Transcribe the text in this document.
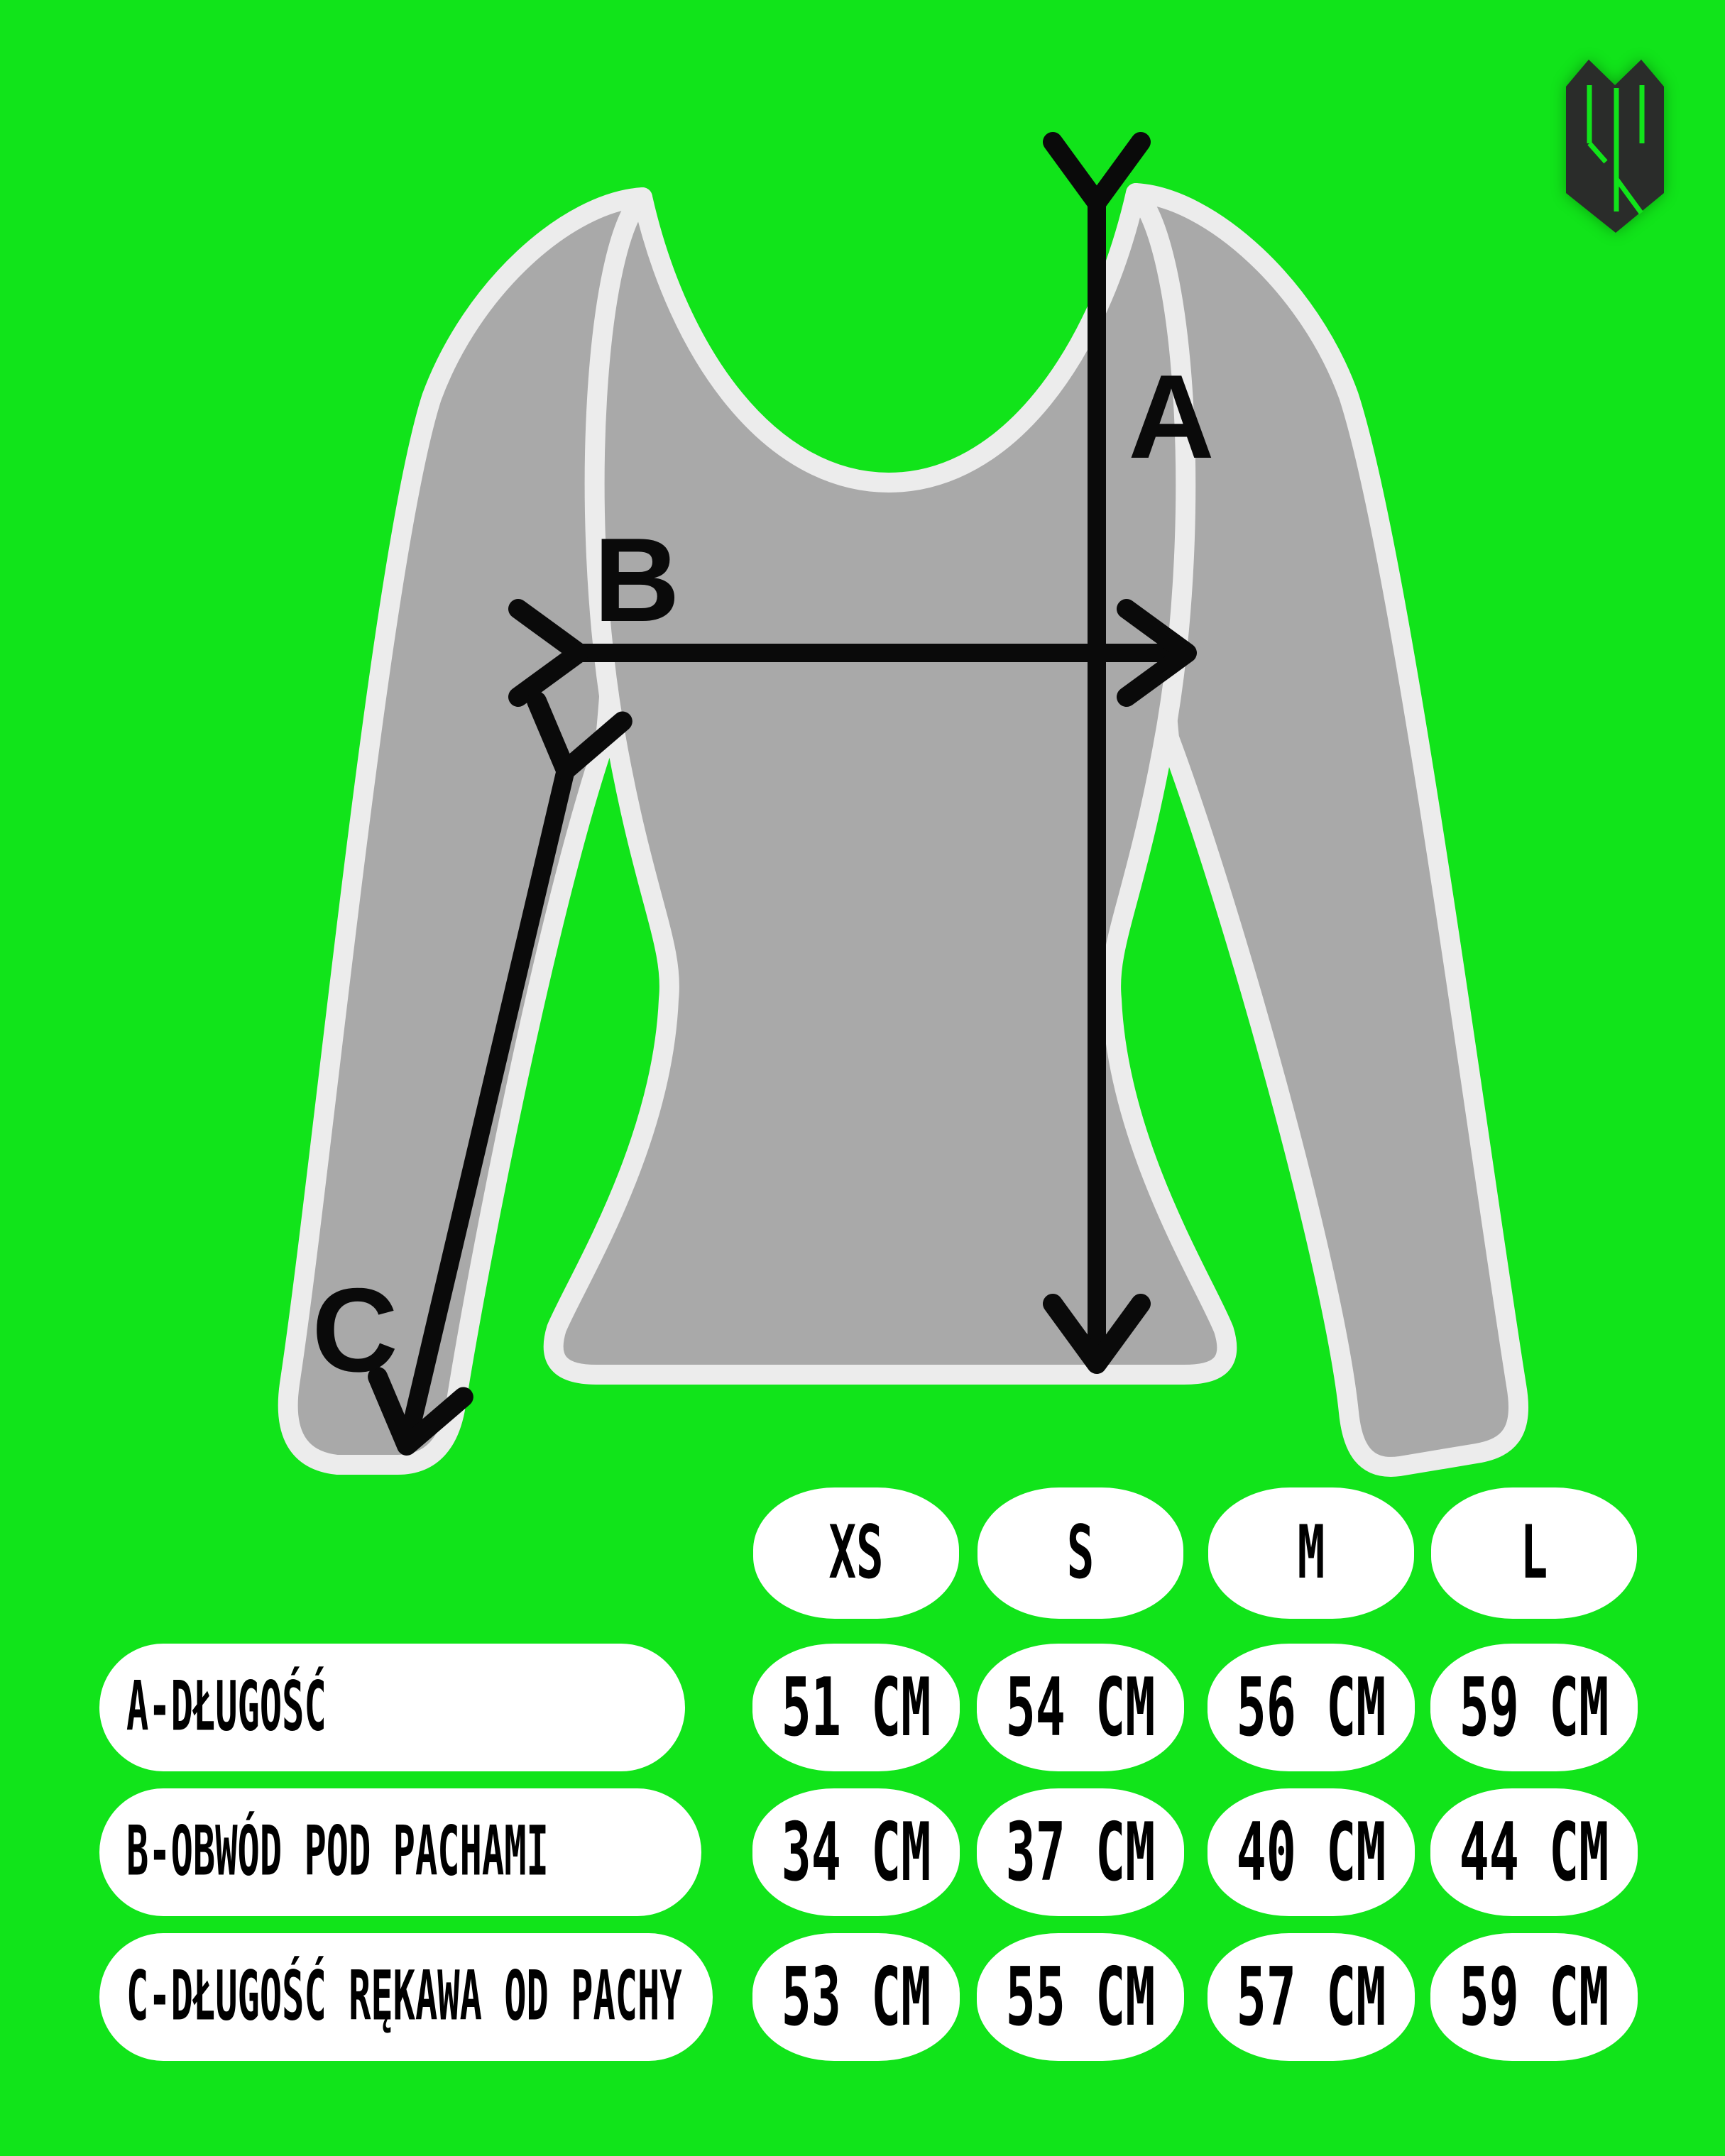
A
B
C
XS	S	M	L
A-DŁUGOŚĆ	51 CM 54 CM 56 CM 59 CM
B-OBWÓD POD PACHAMI	34 CM 37 CM 40 CM 44 CM
C-DŁUGOŚĆ RĘKAWA OD PACHY 53 CM 55 CM 57 CM 59 CM
